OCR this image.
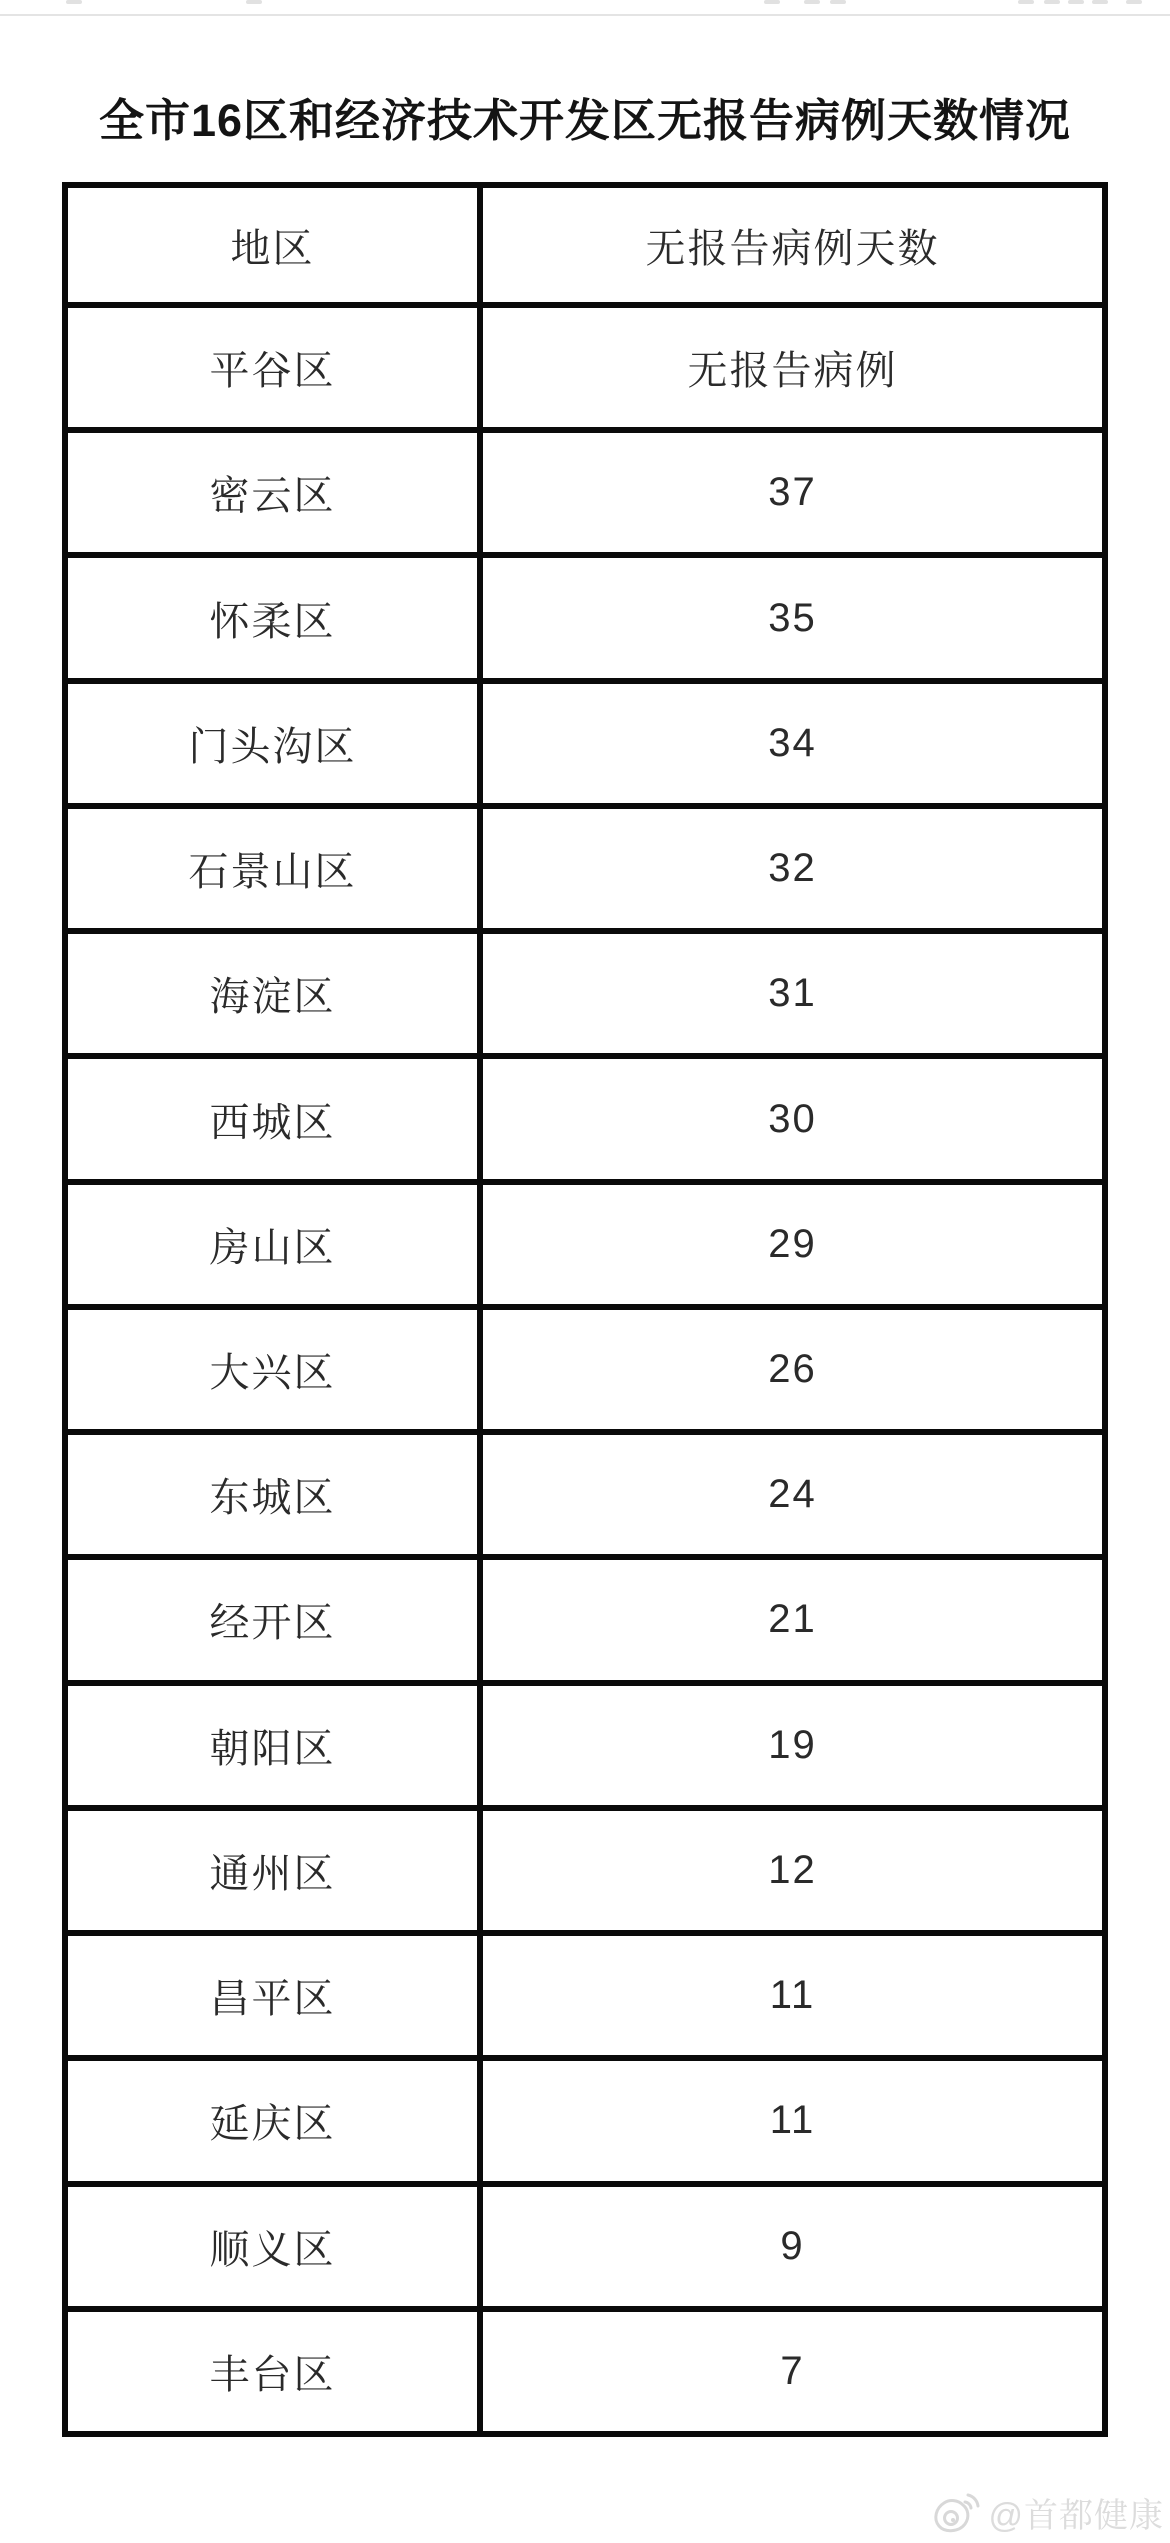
全市16区和经济技术开发区无报告病例天数情况
地区	无报告病例天数
平谷区	无报告病例
密云区	37
怀柔区	35
门头沟区	34
石景山区	32
海淀区	31
西城区	30
房山区	29
大兴区	26
东城区	24
经开区	21
朝阳区	19
通州区	12
昌平区	11
延庆区	11
顺义区	9
丰台区	7
@首都健康
